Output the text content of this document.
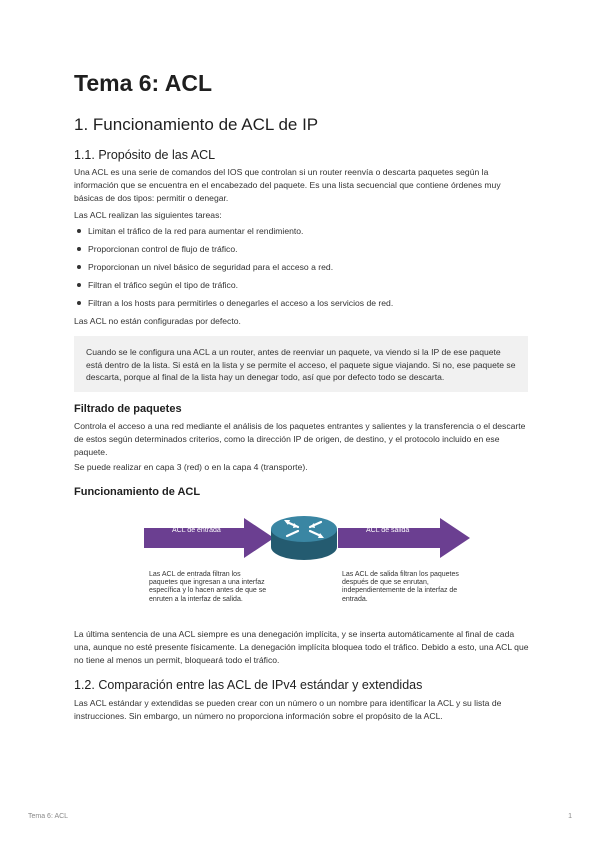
Tema 6: ACL
1. Funcionamiento de ACL de IP
1.1. Propósito de las ACL

Una ACL es una serie de comandos del IOS que controlan si un router reenvía o descarta paquetes según la información que se encuentra en el encabezado del paquete. Es una lista secuencial que contiene órdenes muy básicas de dos tipos: permitir o denegar.

Las ACL realizan las siguientes tareas:

Limitan el tráfico de la red para aumentar el rendimiento.
Proporcionan control de flujo de tráfico.
Proporcionan un nivel básico de seguridad para el acceso a red.
Filtran el tráfico según el tipo de tráfico.
Filtran a los hosts para permitirles o denegarles el acceso a los servicios de red.

Las ACL no están configuradas por defecto.

Cuando se le configura una ACL a un router, antes de reenviar un paquete, va viendo si la IP de ese paquete está dentro de la lista. Si está en la lista y se permite el acceso, el paquete sigue viajando. Si no, ese paquete se descarta, porque al final de la lista hay un denegar todo, así que por defecto todo se descarta.

Filtrado de paquetes

Controla el acceso a una red mediante el análisis de los paquetes entrantes y salientes y la transferencia o el descarte de estos según determinados criterios, como la dirección IP de origen, de destino, y el protocolo incluido en ese paquete.

Se puede realizar en capa 3 (red) o en la capa 4 (transporte).

Funcionamiento de ACL
ACL de entrada	ACL de salida
Las ACL de entrada filtran los paquetes que ingresan a una interfaz específica y lo hacen antes de que se enruten a la interfaz de salida.
Las ACL de salida filtran los paquetes después de que se enrutan, independientemente de la interfaz de entrada.

La última sentencia de una ACL siempre es una denegación implícita, y se inserta automáticamente al final de cada una, aunque no esté presente físicamente. La denegación implícita bloquea todo el tráfico. Debido a esto, una ACL que no tiene al menos un permit, bloqueará todo el tráfico.

1.2. Comparación entre las ACL de IPv4 estándar y extendidas

Las ACL estándar y extendidas se pueden crear con un número o un nombre para identificar la ACL y su lista de instrucciones. Sin embargo, un número no proporciona información sobre el propósito de la ACL.

Tema 6: ACL	1
